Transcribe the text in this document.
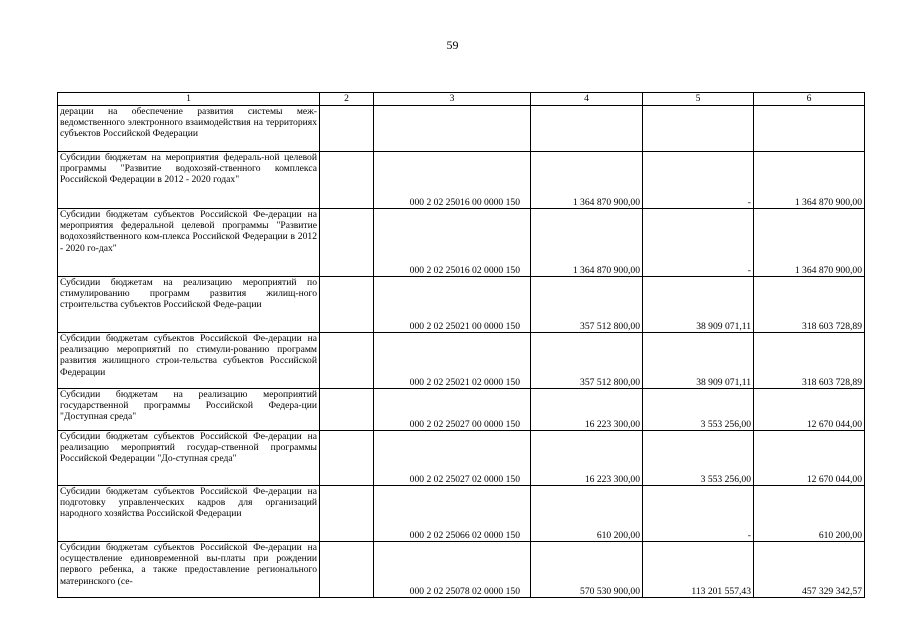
59
1	2	3	4	5	6
дерации на обеспечение развития системы меж-ведомственного электронного взаимодействия на территориях субъектов Российской Федерации					
Субсидии бюджетам на мероприятия федераль-ной целевой программы "Развитие водохозяй-ственного комплекса Российской Федерации в 2012 - 2020 годах"		000 2 02 25016 00 0000 150	1 364 870 900,00	-	1 364 870 900,00
Субсидии бюджетам субъектов Российской Фе-дерации на мероприятия федеральной целевой программы "Развитие водохозяйственного ком-плекса Российской Федерации в 2012 - 2020 го-дах"		000 2 02 25016 02 0000 150	1 364 870 900,00	-	1 364 870 900,00
Субсидии бюджетам на реализацию мероприятий по стимулированию программ развития жилищ-ного строительства субъектов Российской Феде-рации		000 2 02 25021 00 0000 150	357 512 800,00	38 909 071,11	318 603 728,89
Субсидии бюджетам субъектов Российской Фе-дерации на реализацию мероприятий по стимули-рованию программ развития жилищного строи-тельства субъектов Российской Федерации		000 2 02 25021 02 0000 150	357 512 800,00	38 909 071,11	318 603 728,89
Субсидии бюджетам на реализацию мероприятий государственной программы Российской Федера-ции "Доступная среда"		000 2 02 25027 00 0000 150	16 223 300,00	3 553 256,00	12 670 044,00
Субсидии бюджетам субъектов Российской Фе-дерации на реализацию мероприятий государ-ственной программы Российской Федерации "До-ступная среда"		000 2 02 25027 02 0000 150	16 223 300,00	3 553 256,00	12 670 044,00
Субсидии бюджетам субъектов Российской Фе-дерации на подготовку управленческих кадров для организаций народного хозяйства Российской Федерации		000 2 02 25066 02 0000 150	610 200,00	-	610 200,00
Субсидии бюджетам субъектов Российской Фе-дерации на осуществление единовременной вы-платы при рождении первого ребенка, а также предоставление регионального материнского (се-		000 2 02 25078 02 0000 150	570 530 900,00	113 201 557,43	457 329 342,57
